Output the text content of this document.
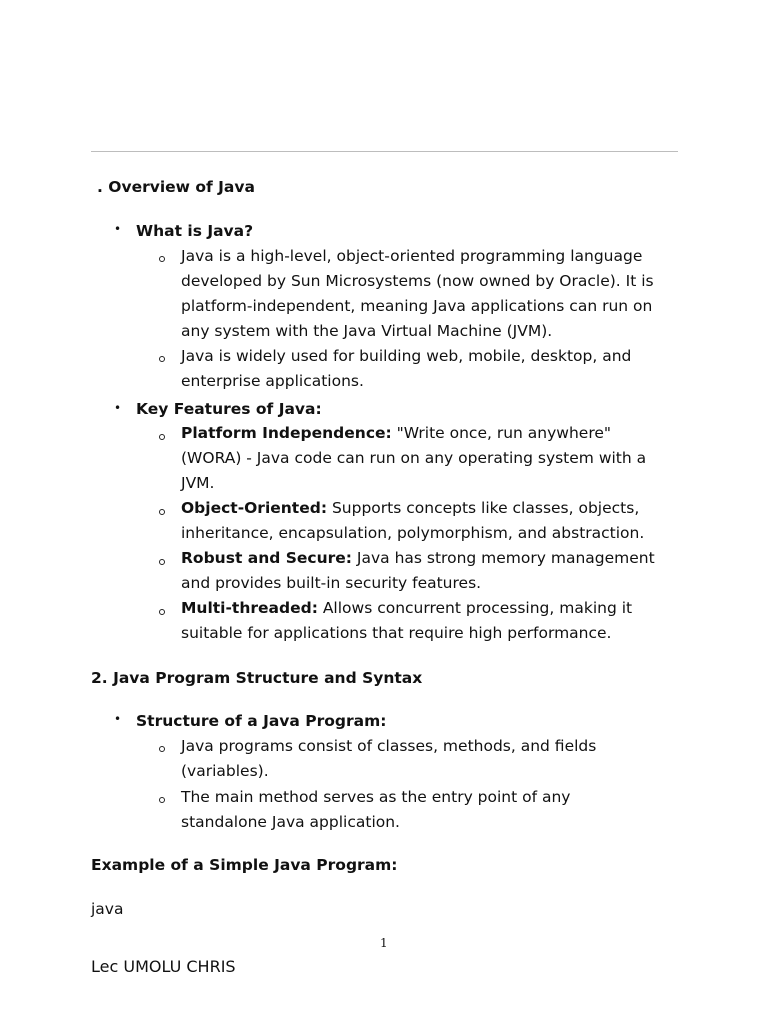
. Overview of Java
• What is Java?
Java is a high-level, object-oriented programming language
developed by Sun Microsystems (now owned by Oracle). It is
platform-independent, meaning Java applications can run on
any system with the Java Virtual Machine (JVM).
Java is widely used for building web, mobile, desktop, and
enterprise applications.
• Key Features of Java:
Platform Independence: "Write once, run anywhere"
(WORA) - Java code can run on any operating system with a
JVM.
Object-Oriented: Supports concepts like classes, objects,
inheritance, encapsulation, polymorphism, and abstraction.
Robust and Secure: Java has strong memory management
and provides built-in security features.
Multi-threaded: Allows concurrent processing, making it
suitable for applications that require high performance.
2. Java Program Structure and Syntax
• Structure of a Java Program:
Java programs consist of classes, methods, and fields
(variables).
The main method serves as the entry point of any
standalone Java application.
Example of a Simple Java Program:
java
1
Lec UMOLU CHRIS
